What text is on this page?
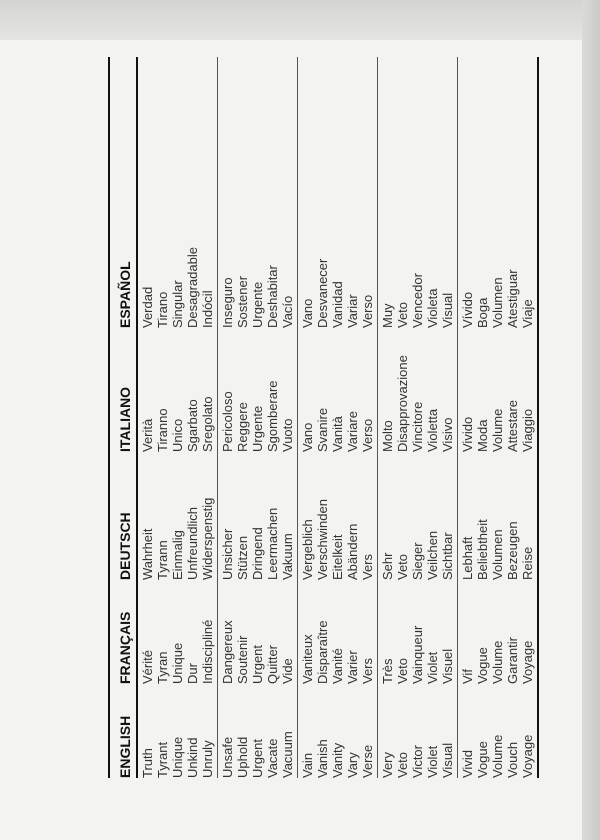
ENGLISH
FRANÇAIS
DEUTSCH
ITALIANO
ESPAÑOL
Truth
Vérité
Wahrheit
Verità
Verdad
Tyrant
Tyran
Tyrann
Tiranno
Tirano
Unique
Unique
Einmalig
Unico
Singular
Unkind
Dur
Unfreundlich
Sgarbato
Desagradable
Unruly
Indiscipliné
Widerspenstig
Sregolato
Indócil
Unsafe
Dangereux
Unsicher
Pericoloso
Inseguro
Uphold
Soutenir
Stützen
Reggere
Sostener
Urgent
Urgent
Dringend
Urgente
Urgente
Vacate
Quitter
Leermachen
Sgomberare
Deshabitar
Vacuum
Vide
Vakuum
Vuoto
Vacío
Vain
Vaniteux
Vergeblich
Vano
Vano
Vanish
Disparaître
Verschwinden
Svanire
Desvanecer
Vanity
Vanité
Eitelkeit
Vanità
Vanidad
Vary
Varier
Abändern
Variare
Variar
Verse
Vers
Vers
Verso
Verso
Very
Très
Sehr
Molto
Muy
Veto
Veto
Veto
Disapprovazione
Veto
Victor
Vainqueur
Sieger
Vincitore
Vencedor
Violet
Violet
Veilchen
Violetta
Violeta
Visual
Visuel
Sichtbar
Visivo
Visual
Vivid
Vif
Lebhaft
Vivido
Vívido
Vogue
Vogue
Beliebtheit
Moda
Boga
Volume
Volume
Volumen
Volume
Volumen
Vouch
Garantir
Bezeugen
Attestare
Atestiguar
Voyage
Voyage
Reise
Viaggio
Viaje
